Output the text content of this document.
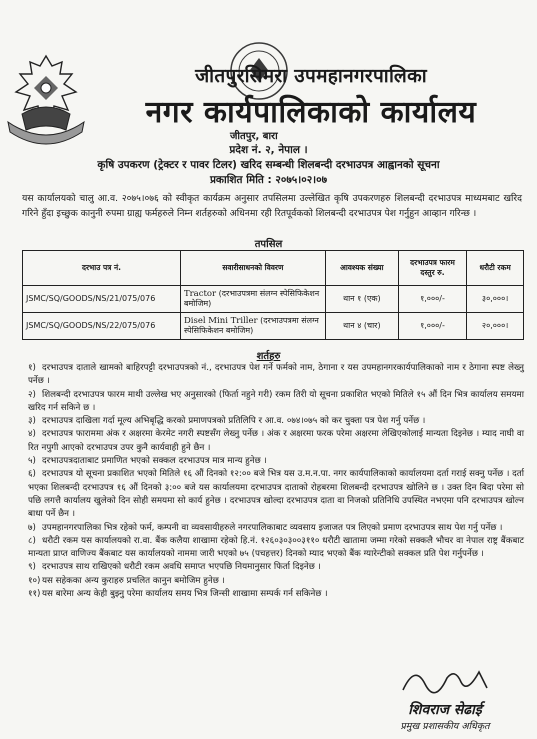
जीतपुरसिमरा उपमहानगरपालिका
नगर कार्यपालिकाको कार्यालय
जीतपुर, बारा
प्रदेश नं. २, नेपाल ।
कृषि उपकरण (ट्रेक्टर र पावर टिलर) खरिद सम्बन्धी शिलबन्दी दरभाउपत्र आह्वानको सूचना
प्रकाशित मिति : २०७५।०२।०७
यस कार्यालयको चालु आ.व. २०७५।०७६ को स्वीकृत कार्यक्रम अनुसार तपसिलमा उल्लेखित कृषि उपकरणहरु शिलबन्दी दरभाउपत्र माध्यमबाट खरिद गरिने हुँदा इच्छुक कानुनी रुपमा ग्राह्य फर्महरुले निम्न शर्तहरुको अधिनमा रही रितपूर्वकको शिलबन्दी दरभाउपत्र पेश गर्नुहुन आव्हान गरिन्छ ।
तपसिल
दरभाउ पत्र नं.	सवारीसाधनको विवरण	आवश्यक संख्या	दरभाउपत्र फारम दस्तुर रु.	धरौटी रकम
JSMC/SQ/GOODS/NS/21/075/076	Tractor (दरभाउपत्रमा संलग्न स्पेसिफिकेशन बमोजिम)	थान १ (एक)	१,०००/-	३०,०००।
JSMC/SQ/GOODS/NS/22/075/076	Disel Mini Triller (दरभाउपत्रमा संलग्न स्पेसिफिकेशन बमोजिम)	थान ४ (चार)	१,०००/-	२०,०००।
शर्तहरु
१) दरभाउपत्र दाताले खामको बाहिरपट्टी दरभाउपत्रको नं., दरभाउपत्र पेश गर्ने फर्मको नाम, ठेगाना र यस उपमहानगरकार्यपालिकाको नाम र ठेगाना स्पष्ट लेख्नु पर्नेछ ।
२) शिलबन्दी दरभाउपत्र फारम माथी उल्लेख भए अनुसारको (फिर्ता नहुने गरी) रकम तिरी यो सूचना प्रकाशित भएको मितिले १५ औं दिन भित्र कार्यालय समयमा खरिद गर्न सकिने छ ।
३) दरभाउपत्र दाखिला गर्दा मूल्य अभिबृद्धि करको प्रमाणपत्रको प्रतिलिपि र आ.व. ०७४।०७५ को कर चुक्ता पत्र पेश गर्नु पर्नेछ ।
४) दरभाउपत्र फाराममा अंक र अक्षरमा केरमेट नगरी स्पष्टसँग लेख्नु पर्नेछ । अंक र अक्षरमा फरक परेमा अक्षरमा लेखिएकोलाई मान्यता दिइनेछ । म्याद नाघी वा रित नपुगी आएको दरभाउपत्र उपर कुनै कार्यवाही हुने छैन ।
५) दरभाउपत्रदाताबाट प्रमाणित भएको सक्कल दरभाउपत्र मात्र मान्य हुनेछ ।
६) दरभाउपत्र यो सूचना प्रकाशित भएको मितिले १६ औं दिनको १२:०० बजे भित्र यस उ.म.न.पा. नगर कार्यपालिकाको कार्यालयमा दर्ता गराई सक्नु पर्नेछ । दर्ता भएका शिलबन्दी दरभाउपत्र १६ औं दिनको ३:०० बजे यस कार्यालयमा दरभाउपत्र दाताको रोहबरमा शिलबन्दी दरभाउपत्र खोलिने छ । उक्त दिन बिदा परेमा सो पछि लगत्तै कार्यालय खुलेको दिन सोही समयमा सो कार्य हुनेछ । दरभाउपत्र खोल्दा दरभाउपत्र दाता वा निजको प्रतिनिधि उपस्थित नभएमा पनि दरभाउपत्र खोल्न बाधा पर्ने छैन ।
७) उपमहानगरपालिका भित्र रहेको फर्म, कम्पनी वा व्यवसायीहरुले नगरपालिकाबाट व्यवसाय इजाजत पत्र लिएको प्रमाण दरभाउपत्र साथ पेश गर्नु पर्नेछ ।
८) धरौटी रकम यस कार्यालयको रा.वा. बैंक कलैया शाखामा रहेको हि.नं. १२६०३०३००३११० धरौटी खातामा जम्मा गरेको सक्कलै भौचर वा नेपाल राष्ट्र बैंकबाट मान्यता प्राप्त वाणिज्य बैंकबाट यस कार्यालयको नाममा जारी भएको ७५ (पचहत्तर) दिनको म्याद भएको बैंक ग्यारेन्टीको सक्कल प्रति पेश गर्नुपर्नेछ ।
९) दरभाउपत्र साथ राखिएको धरौटी रकम अवधि समाप्त भएपछि नियमानुसार फिर्ता दिइनेछ ।
१०) यस सहेकका अन्य कुराहरु प्रचलित कानुन बमोजिम हुनेछ ।
११) यस बारेमा अन्य केही बुझ्नु परेमा कार्यालय समय भित्र जिन्सी शाखामा सम्पर्क गर्न सकिनेछ ।
शिवराज सेढाई
प्रमुख प्रशासकीय अधिकृत
